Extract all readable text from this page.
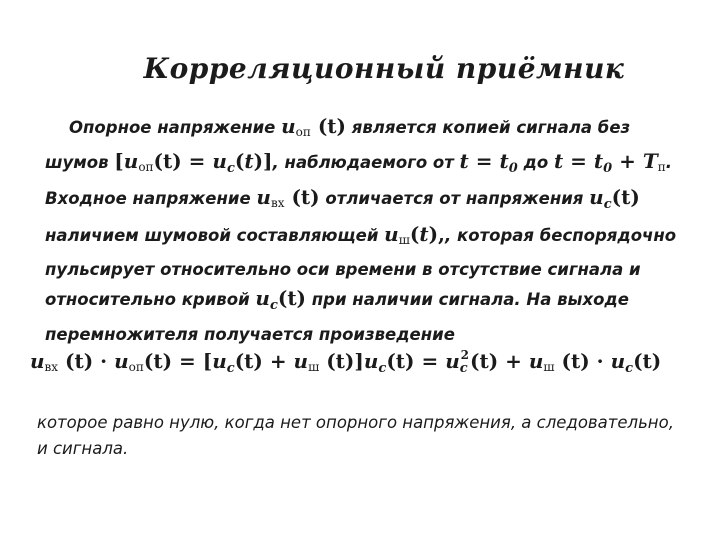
Корреляционный приёмник
Опорное напряжение $u_{оп}$ (t) является копией сигнала без шумов $[u_{оп}(t) = u_c(t)]$, наблюдаемого от $t = t_0$ до $t = t_0 + T_п$. Входное напряжение $u_{вх}$ (t) отличается от напряжения $u_c(t)$ наличием шумовой составляющей $u_ш(t)$,, которая беспорядочно пульсирует относительно оси времени в отсутствие сигнала и относительно кривой $u_c(t)$ при наличии сигнала. На выходе перемножителя получается произведение
$u_{вх}$ $(t) \cdot u_{оп}(t) = [u_c(t) + u_ш$ $(t)]u_c(t) = u_c^2(t) + u_ш$ $(t) \cdot u_c(t)$
которое равно нулю, когда нет опорного напряжения, а следовательно, и сигнала.
